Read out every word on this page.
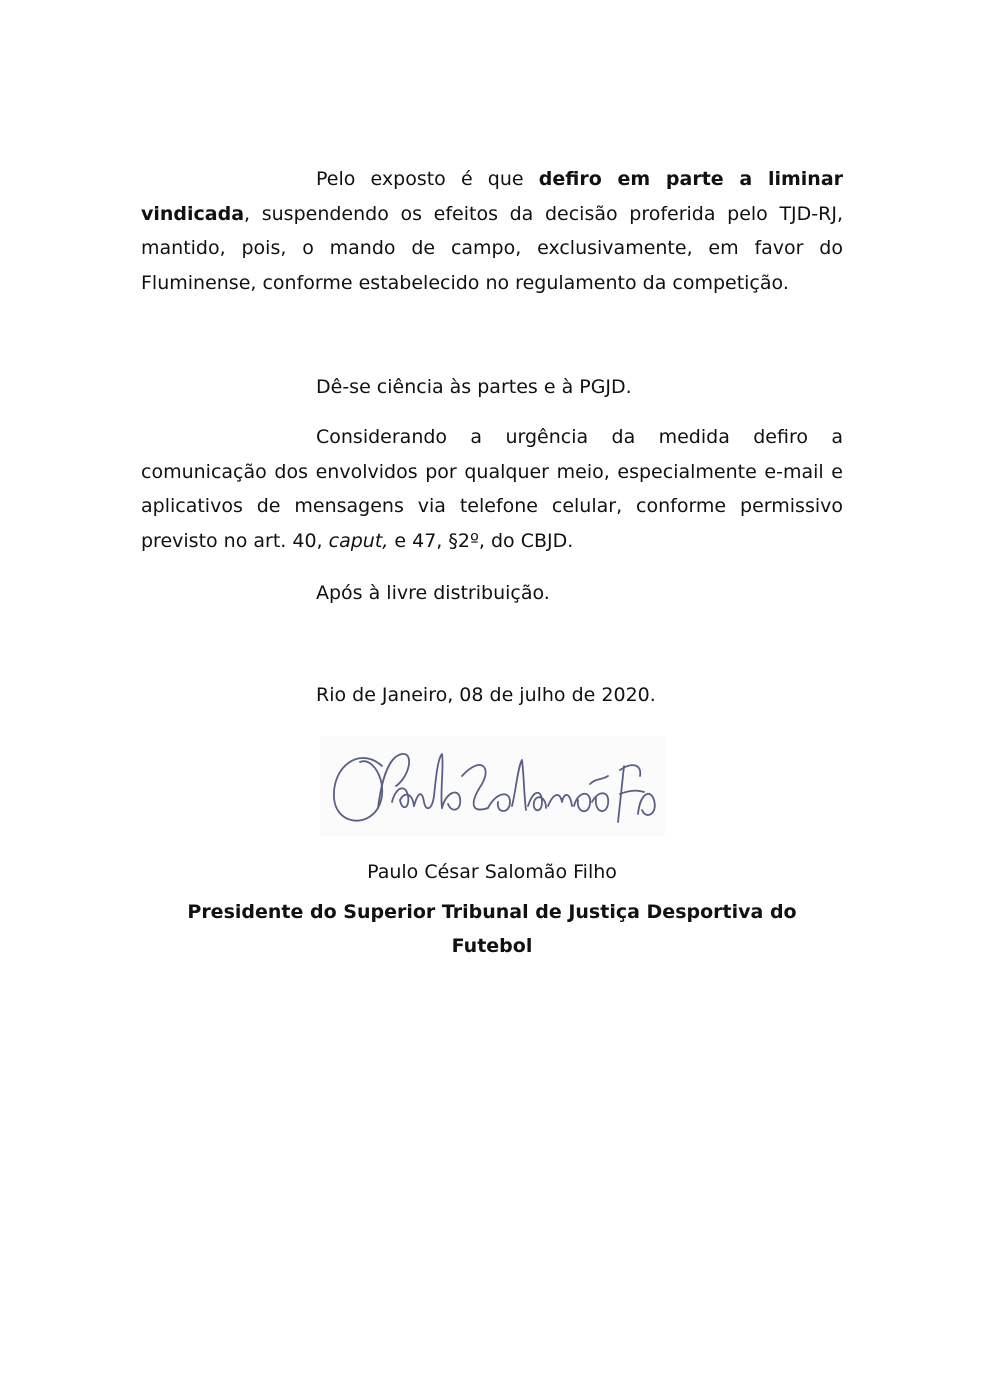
Pelo exposto é que defiro em parte a liminar vindicada, suspendendo os efeitos da decisão proferida pelo TJD-RJ, mantido, pois, o mando de campo, exclusivamente, em favor do Fluminense, conforme estabelecido no regulamento da competição.

Dê-se ciência às partes e à PGJD.

Considerando a urgência da medida defiro a comunicação dos envolvidos por qualquer meio, especialmente e-mail e aplicativos de mensagens via telefone celular, conforme permissivo previsto no art. 40, caput, e 47, §2º, do CBJD.

Após à livre distribuição.

Rio de Janeiro, 08 de julho de 2020.

Paulo César Salomão Filho

Presidente do Superior Tribunal de Justiça Desportiva do Futebol
